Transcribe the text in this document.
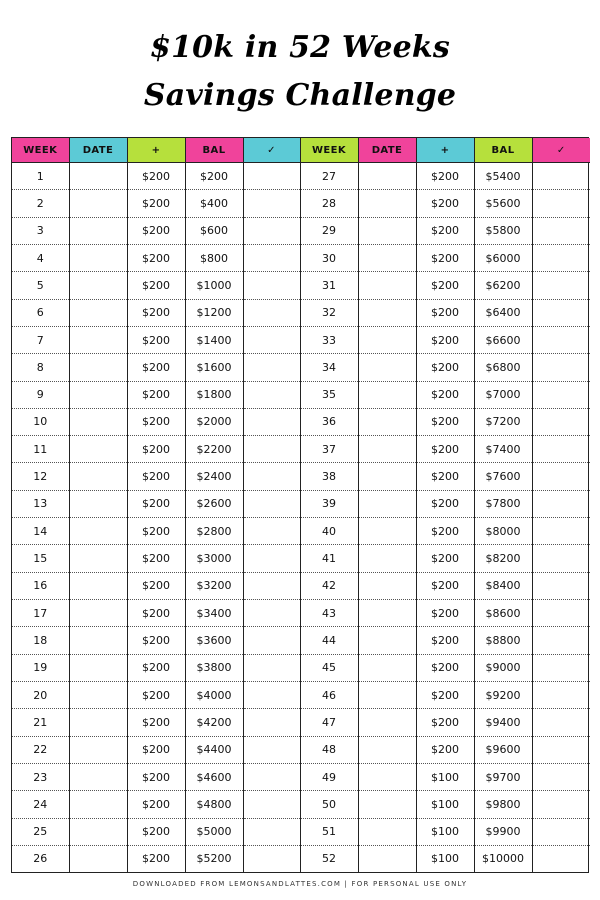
$10k in 52 Weeks
Savings Challenge
WEEK	DATE	+	BAL	✓	WEEK	DATE	+	BAL	✓
1		$200	$200		27		$200	$5400	
2		$200	$400		28		$200	$5600	
3		$200	$600		29		$200	$5800	
4		$200	$800		30		$200	$6000	
5		$200	$1000		31		$200	$6200	
6		$200	$1200		32		$200	$6400	
7		$200	$1400		33		$200	$6600	
8		$200	$1600		34		$200	$6800	
9		$200	$1800		35		$200	$7000	
10		$200	$2000		36		$200	$7200	
11		$200	$2200		37		$200	$7400	
12		$200	$2400		38		$200	$7600	
13		$200	$2600		39		$200	$7800	
14		$200	$2800		40		$200	$8000	
15		$200	$3000		41		$200	$8200	
16		$200	$3200		42		$200	$8400	
17		$200	$3400		43		$200	$8600	
18		$200	$3600		44		$200	$8800	
19		$200	$3800		45		$200	$9000	
20		$200	$4000		46		$200	$9200	
21		$200	$4200		47		$200	$9400	
22		$200	$4400		48		$200	$9600	
23		$200	$4600		49		$100	$9700	
24		$200	$4800		50		$100	$9800	
25		$200	$5000		51		$100	$9900	
26		$200	$5200		52		$100	$10000	
DOWNLOADED FROM LEMONSANDLATTES.COM | FOR PERSONAL USE ONLY
